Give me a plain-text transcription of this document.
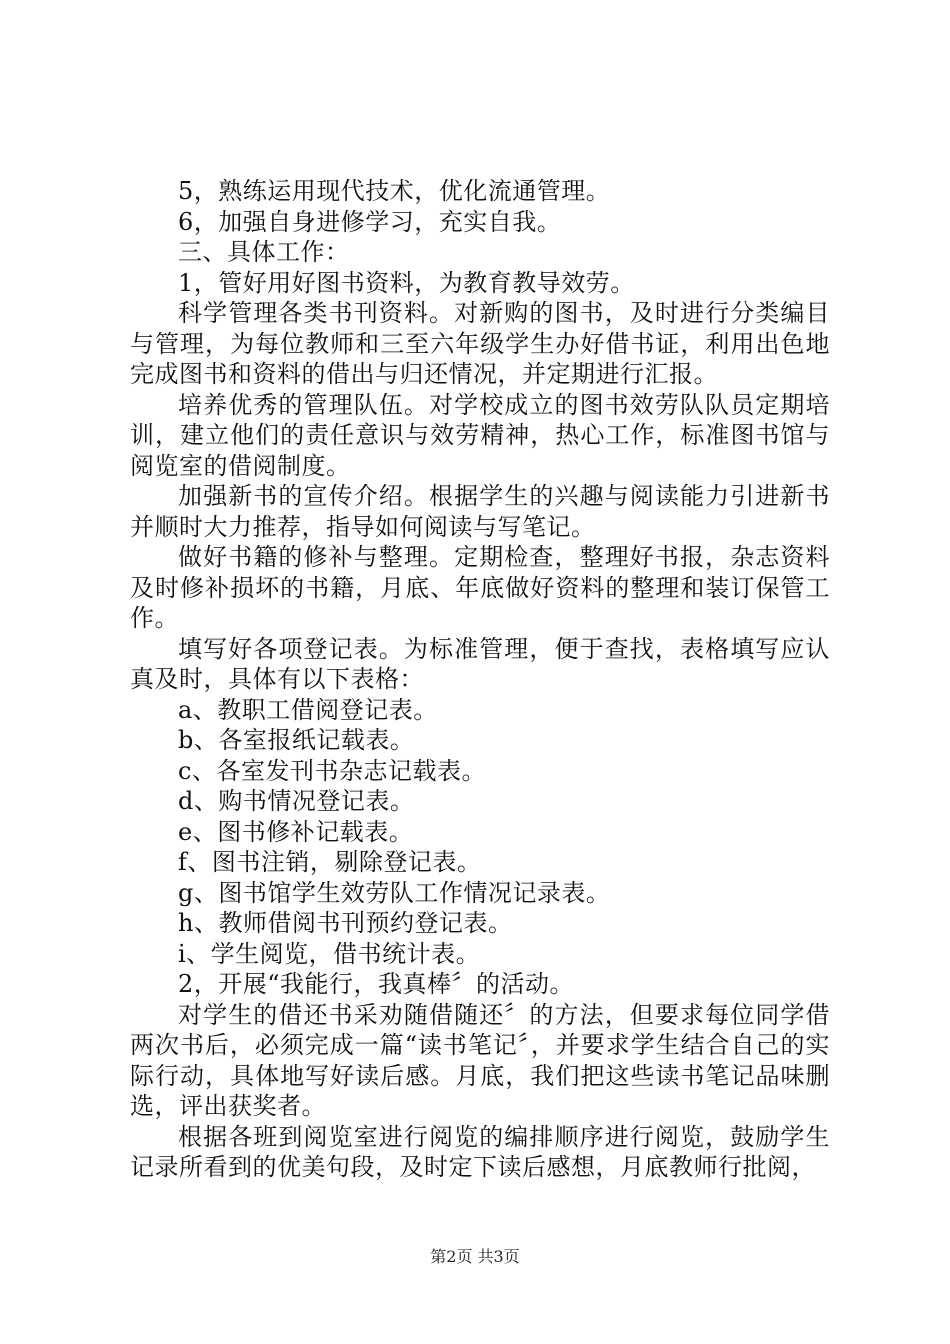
5，熟练运用现代技术，优化流通管理。

6，加强自身进修学习，充实自我。

三、具体工作：

1，管好用好图书资料，为教育教导效劳。

科学管理各类书刊资料。对新购的图书，及时进行分类编目与管理，为每位教师和三至六年级学生办好借书证，利用出色地完成图书和资料的借出与归还情况，并定期进行汇报。

培养优秀的管理队伍。对学校成立的图书效劳队队员定期培训，建立他们的责任意识与效劳精神，热心工作，标准图书馆与阅览室的借阅制度。

加强新书的宣传介绍。根据学生的兴趣与阅读能力引进新书并顺时大力推荐，指导如何阅读与写笔记。

做好书籍的修补与整理。定期检查，整理好书报，杂志资料及时修补损坏的书籍，月底、年底做好资料的整理和装订保管工作。

填写好各项登记表。为标准管理，便于查找，表格填写应认真及时，具体有以下表格：

a、教职工借阅登记表。

b、各室报纸记载表。

c、各室发刊书杂志记载表。

d、购书情况登记表。

e、图书修补记载表。

f、图书注销，剔除登记表。

g、图书馆学生效劳队工作情况记录表。

h、教师借阅书刊预约登记表。

i、学生阅览，借书统计表。

2，开展“我能行，我真棒〞的活动。

对学生的借还书采劝随借随还〞的方法，但要求每位同学借两次书后，必须完成一篇“读书笔记〞，并要求学生结合自己的实际行动，具体地写好读后感。月底，我们把这些读书笔记品味删选，评出获奖者。

根据各班到阅览室进行阅览的编排顺序进行阅览，鼓励学生记录所看到的优美句段，及时定下读后感想，月底教师行批阅，

第2页 共3页
